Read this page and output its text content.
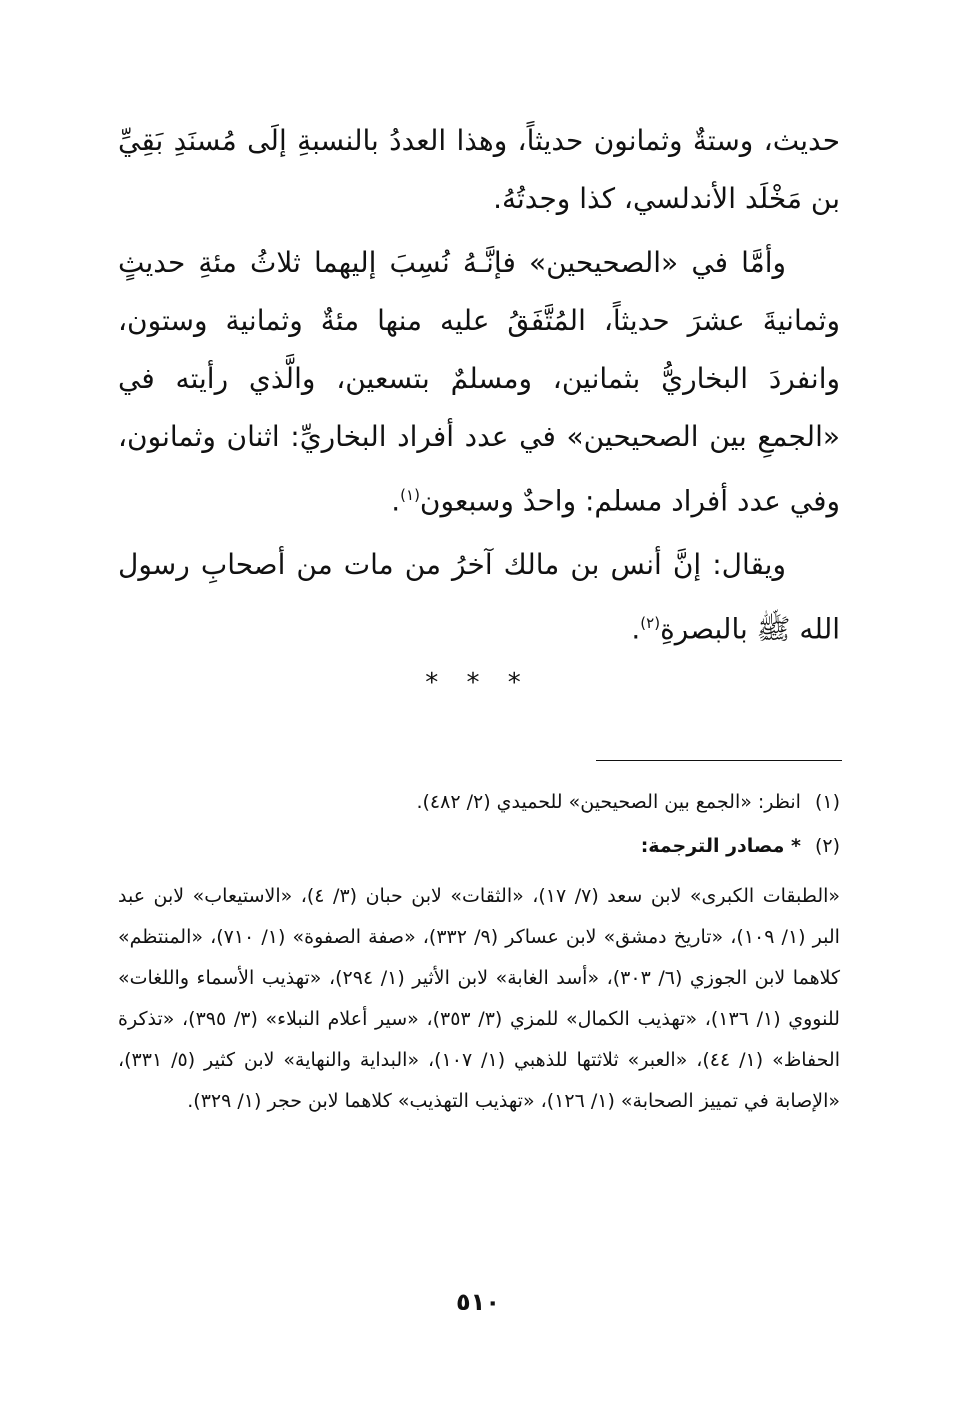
حديث، وستةٌ وثمانون حديثاً، وهذا العددُ بالنسبةِ إلَى مُسنَدِ بَقِيِّ بن مَخْلَد الأندلسي، كذا وجدتُهُ.

وأمَّا في «الصحيحين» فإنَّـهُ نُسِبَ إليهما ثلاثُ مئةِ حديثٍ وثمانيةَ عشرَ حديثاً، المُتَّفَقُ عليه منها مئةٌ وثمانية وستون، وانفردَ البخاريُّ بثمانين، ومسلمٌ بتسعين، والَّذي رأيته في «الجمعِ بين الصحيحين» في عدد أفراد البخاريِّ: اثنان وثمانون، وفي عدد أفراد مسلم: واحدٌ وسبعون$^{(١)}$.

ويقال: إنَّ أنس بن مالك آخرُ من مات من أصحابِ رسول الله ﷺ بالبصرةِ$^{(٢)}$.

* * *

(١)انظر: «الجمع بين الصحيحين» للحميدي (٢/ ٤٨٢).

(٢)* مصادر الترجمة:

«الطبقات الكبرى» لابن سعد (٧/ ١٧)، «الثقات» لابن حبان (٣/ ٤)، «الاستيعاب» لابن عبد البر (١/ ١٠٩)، «تاريخ دمشق» لابن عساكر (٩/ ٣٣٢)، «صفة الصفوة» (١/ ٧١٠)، «المنتظم» كلاهما لابن الجوزي (٦/ ٣٠٣)، «أسد الغابة» لابن الأثير (١/ ٢٩٤)، «تهذيب الأسماء واللغات» للنووي (١/ ١٣٦)، «تهذيب الكمال» للمزي (٣/ ٣٥٣)، «سير أعلام النبلاء» (٣/ ٣٩٥)، «تذكرة الحفاظ» (١/ ٤٤)، «العبر» ثلاثتها للذهبي (١/ ١٠٧)، «البداية والنهاية» لابن كثير (٥/ ٣٣١)، «الإصابة في تمييز الصحابة» (١/ ١٢٦)، «تهذيب التهذيب» كلاهما لابن حجر (١/ ٣٢٩).

٥١٠
